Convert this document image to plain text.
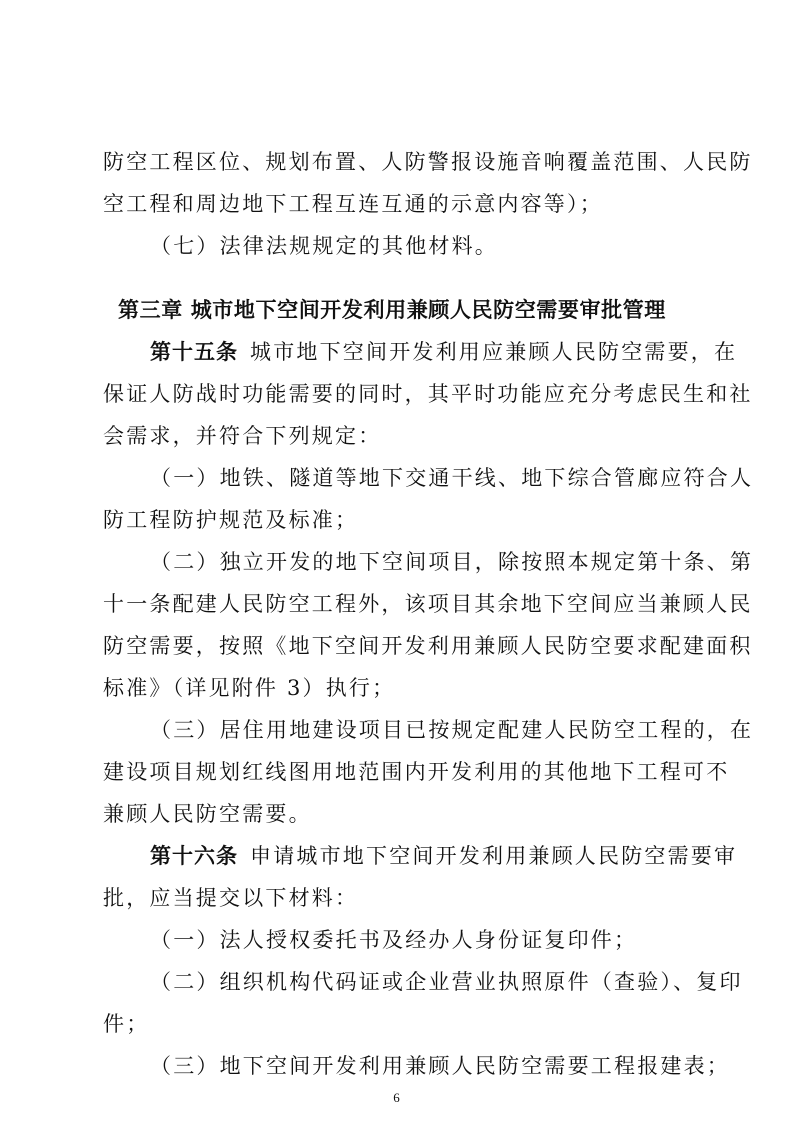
防空工程区位、规划布置、人防警报设施音响覆盖范围、人民防
空工程和周边地下工程互连互通的示意内容等）；
（七）法律法规规定的其他材料。
第三章 城市地下空间开发利用兼顾人民防空需要审批管理
第十五条 城市地下空间开发利用应兼顾人民防空需要，在
保证人防战时功能需要的同时，其平时功能应充分考虑民生和社
会需求，并符合下列规定：
（一）地铁、隧道等地下交通干线、地下综合管廊应符合人
防工程防护规范及标准；
（二）独立开发的地下空间项目，除按照本规定第十条、第
十一条配建人民防空工程外，该项目其余地下空间应当兼顾人民
防空需要，按照《地下空间开发利用兼顾人民防空要求配建面积
标准》（详见附件 3）执行；
（三）居住用地建设项目已按规定配建人民防空工程的，在
建设项目规划红线图用地范围内开发利用的其他地下工程可不
兼顾人民防空需要。
第十六条 申请城市地下空间开发利用兼顾人民防空需要审
批，应当提交以下材料：
（一）法人授权委托书及经办人身份证复印件；
（二）组织机构代码证或企业营业执照原件（查验）、复印
件；
（三）地下空间开发利用兼顾人民防空需要工程报建表；
6
